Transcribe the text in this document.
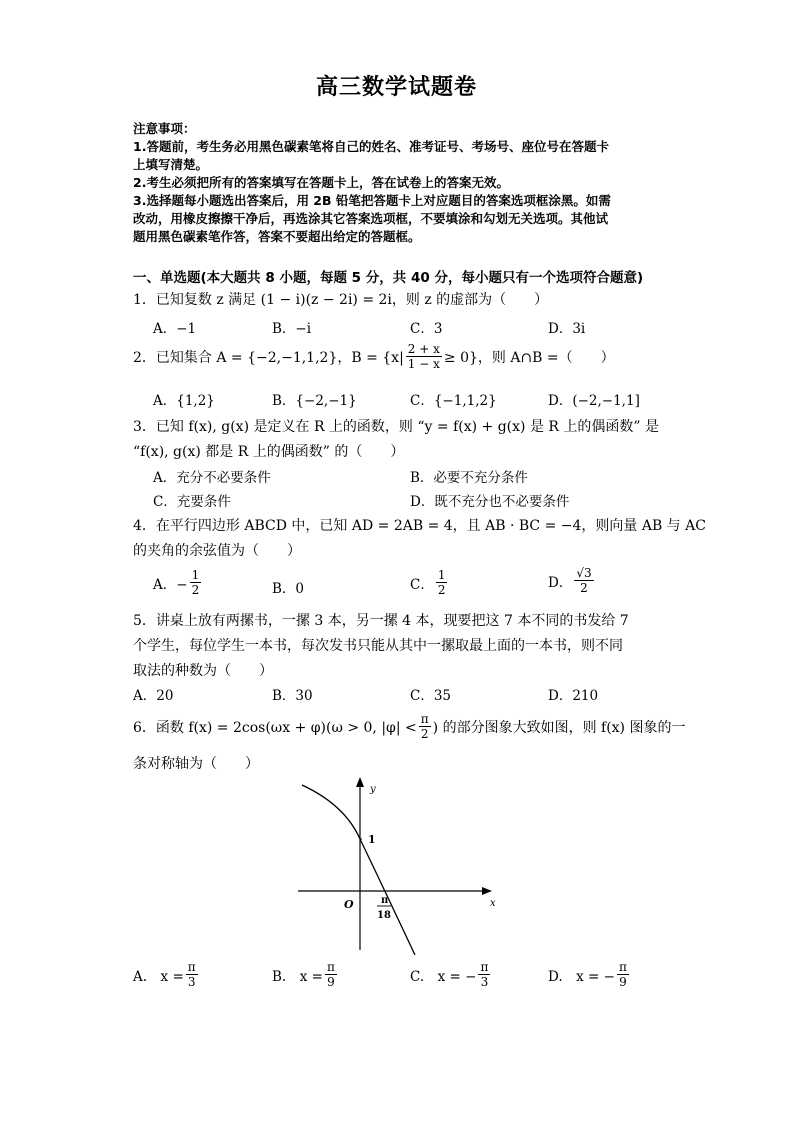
高三数学试题卷
注意事项：
1.答题前，考生务必用黑色碳素笔将自己的姓名、准考证号、考场号、座位号在答题卡
上填写清楚。
2.考生必须把所有的答案填写在答题卡上，答在试卷上的答案无效。
3.选择题每小题选出答案后，用 2B 铅笔把答题卡上对应题目的答案选项框涂黑。如需
改动，用橡皮擦擦干净后，再选涂其它答案选项框，不要填涂和勾划无关选项。其他试
题用黑色碳素笔作答，答案不要超出给定的答题框。
一、单选题(本大题共 8 小题，每题 5 分，共 40 分，每小题只有一个选项符合题意)
1．已知复数 z 满足 (1 − i)(z − 2i) = 2i，则 z 的虚部为（　　）
A．−1	B．−i	C．3	D．3i
2．已知集合 A = {−2,−1,1,2}，$B = \{x| \frac{2 + x}{1 - x} \ge 0\}$，则 A∩B =（　　）
A．{1,2}	B．{−2,−1}	C．{−1,1,2}	D．(−2,−1,1]
3．已知 f(x), g(x) 是定义在 R 上的函数，则 “y = f(x) + g(x) 是 R 上的偶函数” 是
“f(x), g(x) 都是 R 上的偶函数” 的（　　）
A．充分不必要条件	B．必要不充分条件
C．充要条件	D．既不充分也不必要条件
4．在平行四边形 ABCD 中，已知 AD = 2AB = 4，且 AB · BC = −4，则向量 AB 与 AC
的夹角的余弦值为（　　）
A．− $\frac{1}{2}$	B．0	C． $\frac{1}{2}$	D． $\frac{√3}{2}$
5．讲桌上放有两摞书，一摞 3 本，另一摞 4 本，现要把这 7 本不同的书发给 7
个学生，每位学生一本书，每次发书只能从其中一摞取最上面的一本书，则不同
取法的种数为（　　）
A．20	B．30	C．35	D．210
6．函数 f(x) = 2cos(ωx + φ)(ω > 0, $|\varphi| < \frac{\pi}{2}$ ) 的部分图象大致如图，则 f(x) 图象的一
条对称轴为（　　）
y
x
O
1
π
18
A.　$x = \frac{\pi}{3}$	B.　$x = \frac{\pi}{9}$	C.　x = − $\frac{\pi}{3}$	D.　x = − $\frac{\pi}{9}$
